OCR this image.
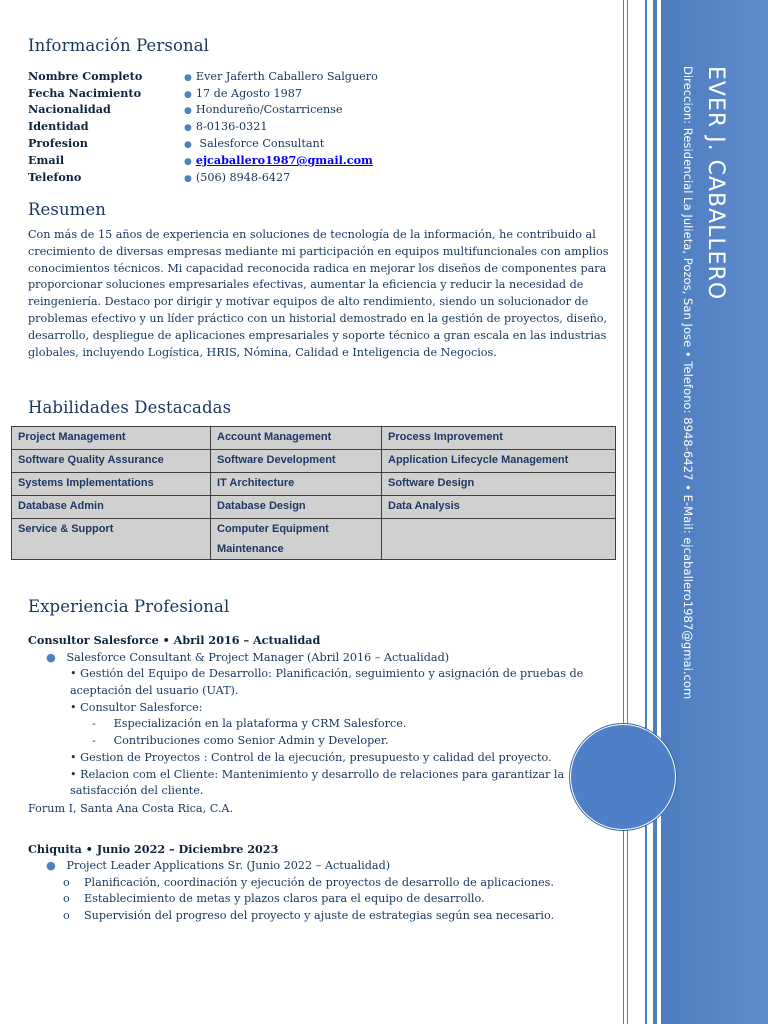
EVER J. CABALLERO
Direccion: Residencial La Julieta, Pozos, San Jose • Telefono: 8948-6427 • E-Mail: ejcaballero1987@gmai.com
Información Personal
Nombre Completo	● Ever Jaferth Caballero Salguero
Fecha Nacimiento	● 17 de Agosto 1987
Nacionalidad	● Hondureño/Costarricense
Identidad	● 8-0136-0321
Profesion	● Salesforce Consultant
Email	● ejcaballero1987@gmail.com
Telefono	● (506) 8948-6427
Resumen

Con más de 15 años de experiencia en soluciones de tecnología de la información, he contribuido al crecimiento de diversas empresas mediante mi participación en equipos multifuncionales con amplios conocimientos técnicos. Mi capacidad reconocida radica en mejorar los diseños de componentes para proporcionar soluciones empresariales efectivas, aumentar la eficiencia y reducir la necesidad de reingeniería. Destaco por dirigir y motivar equipos de alto rendimiento, siendo un solucionador de problemas efectivo y un líder práctico con un historial demostrado en la gestión de proyectos, diseño, desarrollo, despliegue de aplicaciones empresariales y soporte técnico a gran escala en las industrias globales, incluyendo Logística, HRIS, Nómina, Calidad e Inteligencia de Negocios.

Habilidades Destacadas
Project Management	Account Management	Process Improvement
Software Quality Assurance	Software Development	Application Lifecycle Management
Systems Implementations	IT Architecture	Software Design
Database Admin	Database Design	Data Analysis
Service & Support	Computer Equipment Maintenance	
Experiencia Profesional
Consultor Salesforce • Abril 2016 – Actualidad
● Salesforce Consultant & Project Manager (Abril 2016 – Actualidad)
• Gestión del Equipo de Desarrollo: Planificación, seguimiento y asignación de pruebas de
aceptación del usuario (UAT).
• Consultor Salesforce:
- Especialización en la plataforma y CRM Salesforce.
- Contribuciones como Senior Admin y Developer.
• Gestion de Proyectos : Control de la ejecución, presupuesto y calidad del proyecto.
• Relacion com el Cliente: Mantenimiento y desarrollo de relaciones para garantizar la
satisfacción del cliente.
Forum I, Santa Ana Costa Rica, C.A.
Chiquita • Junio 2022 – Diciembre 2023
● Project Leader Applications Sr. (Junio 2022 – Actualidad)
o Planificación, coordinación y ejecución de proyectos de desarrollo de aplicaciones.
o Establecimiento de metas y plazos claros para el equipo de desarrollo.
o Supervisión del progreso del proyecto y ajuste de estrategias según sea necesario.
